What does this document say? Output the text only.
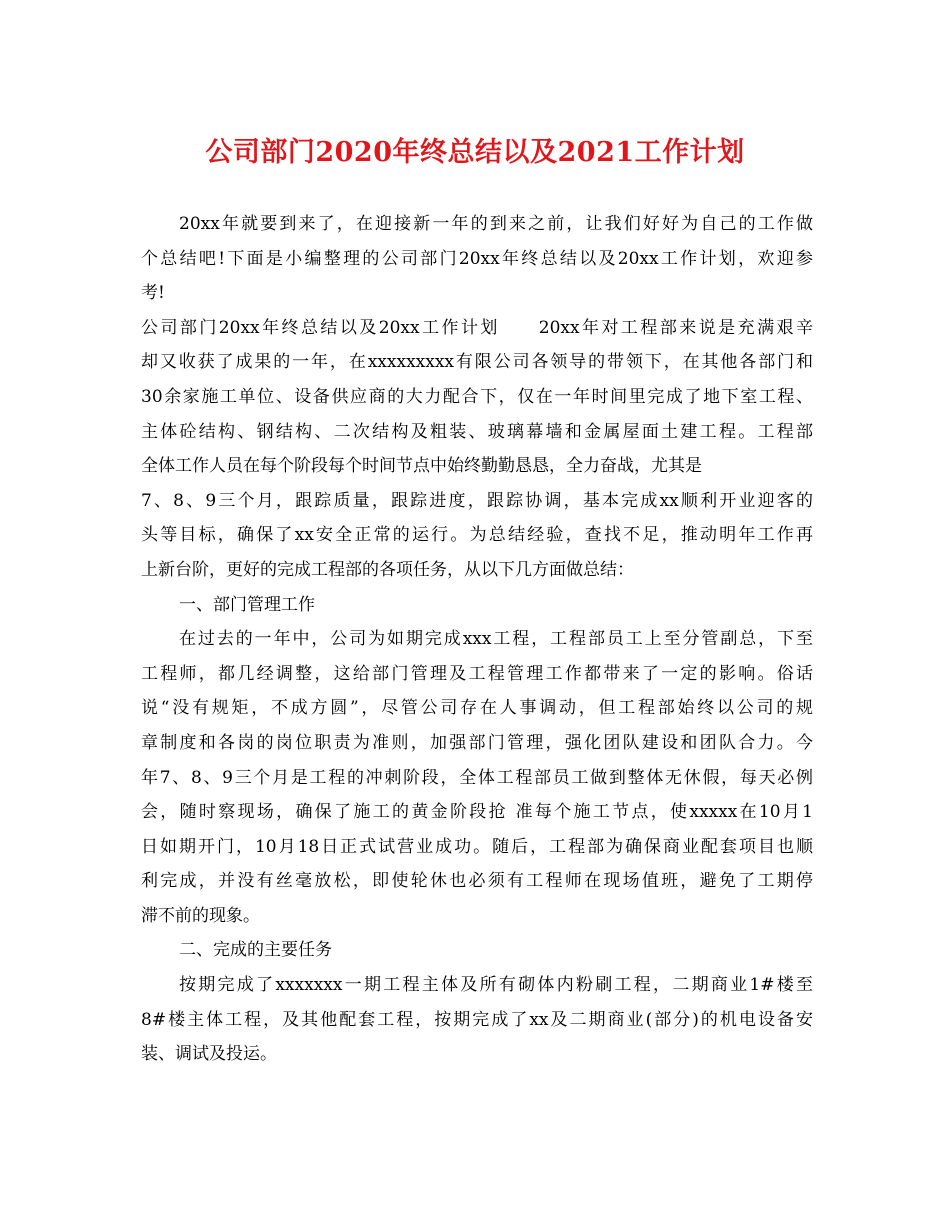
公司部门2020年终总结以及2021工作计划
20xx年就要到来了，在迎接新一年的到来之前，让我们好好为自己的工作做
个总结吧!下面是小编整理的公司部门20xx年终总结以及20xx工作计划，欢迎参
考!
公司部门20xx年终总结以及20xx工作计划　　20xx年对工程部来说是充满艰辛
却又收获了成果的一年，在xxxxxxxxx有限公司各领导的带领下，在其他各部门和
30余家施工单位、设备供应商的大力配合下，仅在一年时间里完成了地下室工程、
主体砼结构、钢结构、二次结构及粗装、玻璃幕墙和金属屋面土建工程。工程部
全体工作人员在每个阶段每个时间节点中始终勤勤恳恳，全力奋战，尤其是
7、8、9三个月，跟踪质量，跟踪进度，跟踪协调，基本完成xx顺利开业迎客的
头等目标，确保了xx安全正常的运行。为总结经验，查找不足，推动明年工作再
上新台阶，更好的完成工程部的各项任务，从以下几方面做总结：
一、部门管理工作
在过去的一年中，公司为如期完成xxx工程，工程部员工上至分管副总，下至
工程师，都几经调整，这给部门管理及工程管理工作都带来了一定的影响。俗话
说“没有规矩，不成方圆”，尽管公司存在人事调动，但工程部始终以公司的规
章制度和各岗的岗位职责为准则，加强部门管理，强化团队建设和团队合力。今
年7、8、9三个月是工程的冲刺阶段，全体工程部员工做到整体无休假，每天必例
会，随时察现场，确保了施工的黄金阶段抢 准每个施工节点，使xxxxx在10月1
日如期开门，10月18日正式试营业成功。随后，工程部为确保商业配套项目也顺
利完成，并没有丝毫放松，即使轮休也必须有工程师在现场值班，避免了工期停
滞不前的现象。
二、完成的主要任务
按期完成了xxxxxxx一期工程主体及所有砌体内粉刷工程，二期商业1#楼至
8#楼主体工程，及其他配套工程，按期完成了xx及二期商业(部分)的机电设备安
装、调试及投运。
